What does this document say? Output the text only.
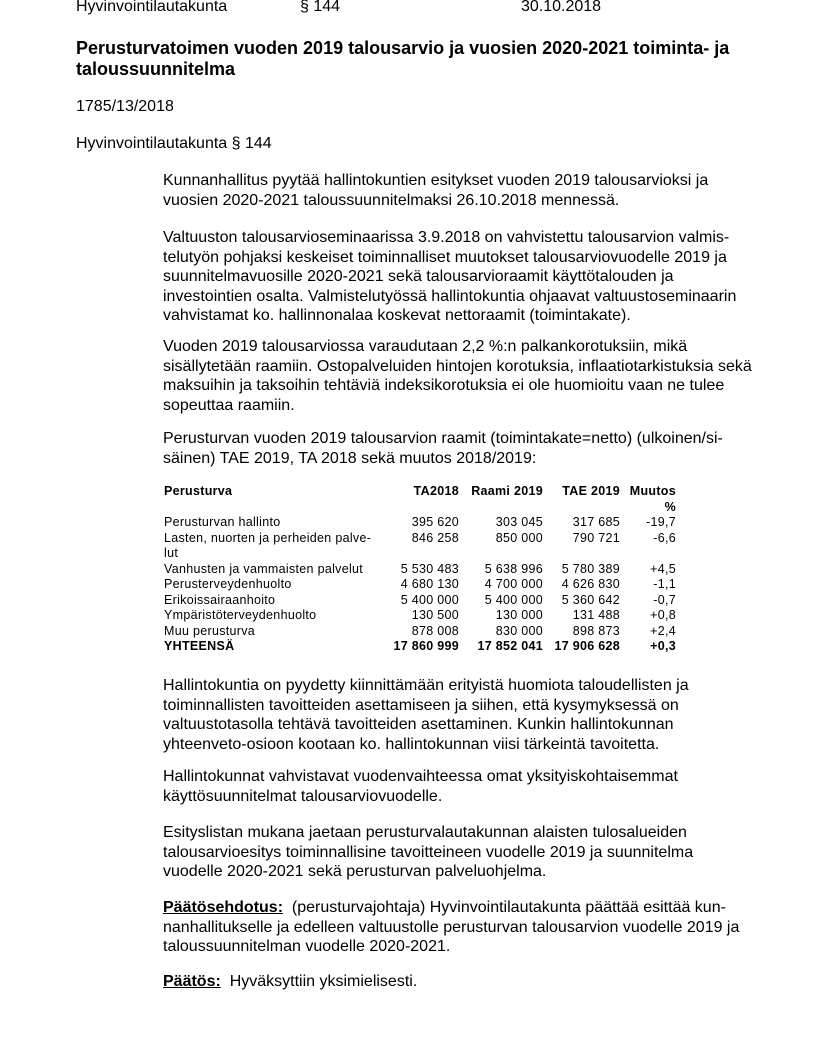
Hyvinvointilautakunta	§ 144	30.10.2018
Perusturvatoimen vuoden 2019 talousarvio ja vuosien 2020-2021 toiminta- ja taloussuunnitelma
1785/13/2018
Hyvinvointilautakunta § 144

Kunnanhallitus pyytää hallintokuntien esitykset vuoden 2019 talousarvioksi ja vuosien 2020-2021 taloussuunnitelmaksi 26.10.2018 mennessä.

Valtuuston talousarvioseminaarissa 3.9.2018 on vahvistettu talousarvion valmistelutyön pohjaksi keskeiset toiminnalliset muutokset talousarviovuodelle 2019 ja suunnitelmavuosille 2020-2021 sekä talousarvioraamit käyttötalouden ja investointien osalta. Valmistelutyössä hallintokuntia ohjaavat valtuustoseminaarin vahvistamat ko. hallinnonalaa koskevat nettoraamit (toimintakate).

Vuoden 2019 talousarviossa varaudutaan 2,2 %:n palkankorotuksiin, mikä sisällytetään raamiin. Ostopalveluiden hintojen korotuksia, inflaatiotarkistuksia sekä maksuihin ja taksoihin tehtäviä indeksikorotuksia ei ole huomioitu vaan ne tulee sopeuttaa raamiin.

Perusturvan vuoden 2019 talousarvion raamit (toimintakate=netto) (ulkoinen/sisäinen) TAE 2019, TA 2018 sekä muutos 2018/2019:

Perusturva	TA2018	Raami 2019	TAE 2019	Muutos %
Perusturvan hallinto	395 620	303 045	317 685	-19,7
Lasten, nuorten ja perheiden palvelut	846 258	850 000	790 721	-6,6
Vanhusten ja vammaisten palvelut	5 530 483	5 638 996	5 780 389	+4,5
Perusterveydenhuolto	4 680 130	4 700 000	4 626 830	-1,1
Erikoissairaanhoito	5 400 000	5 400 000	5 360 642	-0,7
Ympäristöterveydenhuolto	130 500	130 000	131 488	+0,8
Muu perusturva	878 008	830 000	898 873	+2,4
YHTEENSÄ	17 860 999	17 852 041	17 906 628	+0,3

Hallintokuntia on pyydetty kiinnittämään erityistä huomiota taloudellisten ja toiminnallisten tavoitteiden asettamiseen ja siihen, että kysymyksessä on valtuustotasolla tehtävä tavoitteiden asettaminen. Kunkin hallintokunnan yhteenveto-osioon kootaan ko. hallintokunnan viisi tärkeintä tavoitetta.

Hallintokunnat vahvistavat vuodenvaihteessa omat yksityiskohtaisemmat käyttösuunnitelmat talousarviovuodelle.

Esityslistan mukana jaetaan perusturvalautakunnan alaisten tulosalueiden talousarvioesitys toiminnallisine tavoitteineen vuodelle 2019 ja suunnitelma vuodelle 2020-2021 sekä perusturvan palveluohjelma.

Päätösehdotus: (perusturvajohtaja) Hyvinvointilautakunta päättää esittää kunnanhallitukselle ja edelleen valtuustolle perusturvan talousarvion vuodelle 2019 ja taloussuunnitelman vuodelle 2020-2021.

Päätös: Hyväksyttiin yksimielisesti.
